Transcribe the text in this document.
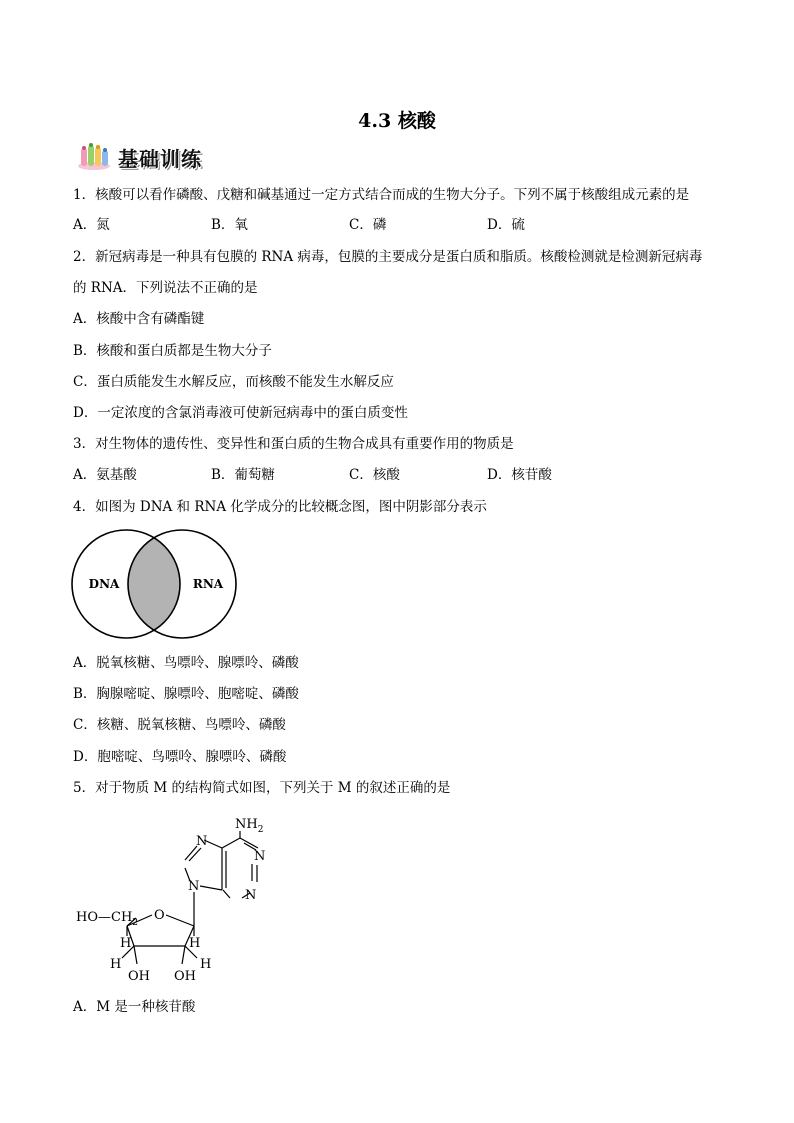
4.3 核酸
基础训练
1．核酸可以看作磷酸、戊糖和碱基通过一定方式结合而成的生物大分子。下列不属于核酸组成元素的是
A．氮	B．氧	C．磷	D．硫
2．新冠病毒是一种具有包膜的 RNA 病毒，包膜的主要成分是蛋白质和脂质。核酸检测就是检测新冠病毒
的 RNA．下列说法不正确的是
A．核酸中含有磷酯键
B．核酸和蛋白质都是生物大分子
C．蛋白质能发生水解反应，而核酸不能发生水解反应
D．一定浓度的含氯消毒液可使新冠病毒中的蛋白质变性
3．对生物体的遗传性、变异性和蛋白质的生物合成具有重要作用的物质是
A．氨基酸	B．葡萄糖	C．核酸	D．核苷酸
4．如图为 DNA 和 RNA 化学成分的比较概念图，图中阴影部分表示
DNA	RNA
A．脱氧核糖、鸟嘌呤、腺嘌呤、磷酸
B．胸腺嘧啶、腺嘌呤、胞嘧啶、磷酸
C．核糖、脱氧核糖、鸟嘌呤、磷酸
D．胞嘧啶、鸟嘌呤、腺嘌呤、磷酸
5．对于物质 M 的结构简式如图，下列关于 M 的叙述正确的是
$NH_2$
N
N
N
N
$HO—CH_2$ O
H	H
H	H
OH OH
A．M 是一种核苷酸
